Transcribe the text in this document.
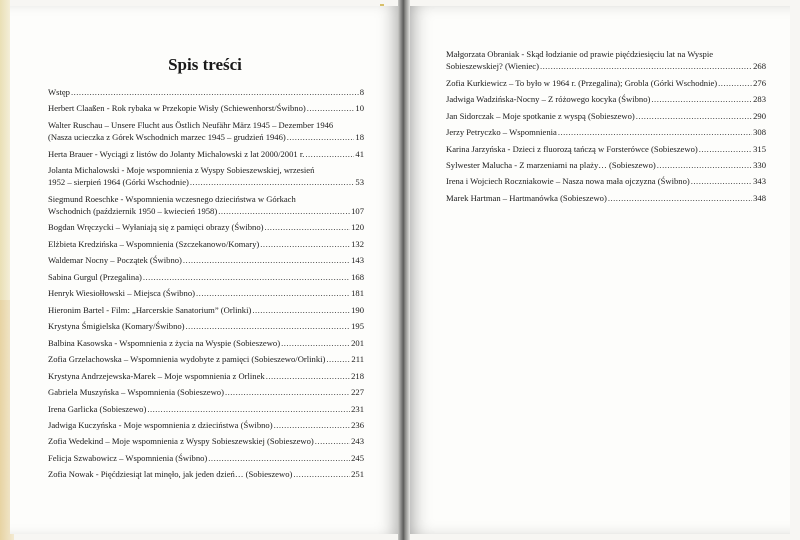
Spis treści
Wstęp .....	8
Herbert Claaßen - Rok rybaka w Przekopie Wisły (Schiewenhorst/Świbno) .....	10
Walter Ruschau – Unsere Flucht aus Östlich Neufähr März 1945 – Dezember 1946
(Nasza ucieczka z Górek Wschodnich marzec 1945 – grudzień 1946) .....	18
Herta Brauer - Wyciągi z listów do Jolanty Michalowski z lat 2000/2001 r. .....	41
Jolanta Michalowski - Moje wspomnienia z Wyspy Sobieszewskiej, wrzesień
1952 – sierpień 1964 (Górki Wschodnie) .....	53
Siegmund Roeschke - Wspomnienia wczesnego dzieciństwa w Górkach
Wschodnich (październik 1950 – kwiecień 1958) .....	107
Bogdan Wręczycki – Wyłaniają się z pamięci obrazy (Świbno) .....	120
Elżbieta Kredzińska – Wspomnienia (Szczekanowo/Komary) .....	132
Waldemar Nocny – Początek (Świbno) .....	143
Sabina Gurgul (Przegalina) .....	168
Henryk Wiesiołłowski – Miejsca (Świbno) .....	181
Hieronim Bartel - Film: „Harcerskie Sanatorium” (Orlinki) .....	190
Krystyna Śmigielska (Komary/Świbno) .....	195
Balbina Kasowska - Wspomnienia z życia na Wyspie (Sobieszewo) .....	201
Zofia Grzelachowska – Wspomnienia wydobyte z pamięci (Sobieszewo/Orlinki) .....	211
Krystyna Andrzejewska-Marek – Moje wspomnienia z Orlinek .....	218
Gabriela Muszyńska – Wspomnienia (Sobieszewo) .....	227
Irena Garlicka (Sobieszewo) .....	231
Jadwiga Kuczyńska - Moje wspomnienia z dzieciństwa (Świbno) .....	236
Zofia Wedekind – Moje wspomnienia z Wyspy Sobieszewskiej (Sobieszewo) .....	243
Felicja Szwabowicz – Wspomnienia (Świbno) .....	245
Zofia Nowak - Pięćdziesiąt lat minęło, jak jeden dzień… (Sobieszewo) .....	251
Małgorzata Obraniak - Skąd łodzianie od prawie pięćdziesięciu lat na Wyspie
Sobieszewskiej? (Wieniec) .....	268
Zofia Kurkiewicz – To było w 1964 r. (Przegalina); Grobla (Górki Wschodnie) .....	276
Jadwiga Wadzińska-Nocny – Z różowego kocyka (Świbno) .....	283
Jan Sidorczak – Moje spotkanie z wyspą (Sobieszewo) .....	290
Jerzy Petryczko – Wspomnienia .....	308
Karina Jarzyńska - Dzieci z fluorozą tańczą w Forsterówce (Sobieszewo) .....	315
Sylwester Malucha - Z marzeniami na plaży… (Sobieszewo) .....	330
Irena i Wojciech Roczniakowie – Nasza nowa mała ojczyzna (Świbno) .....	343
Marek Hartman – Hartmanówka (Sobieszewo) .....	348
